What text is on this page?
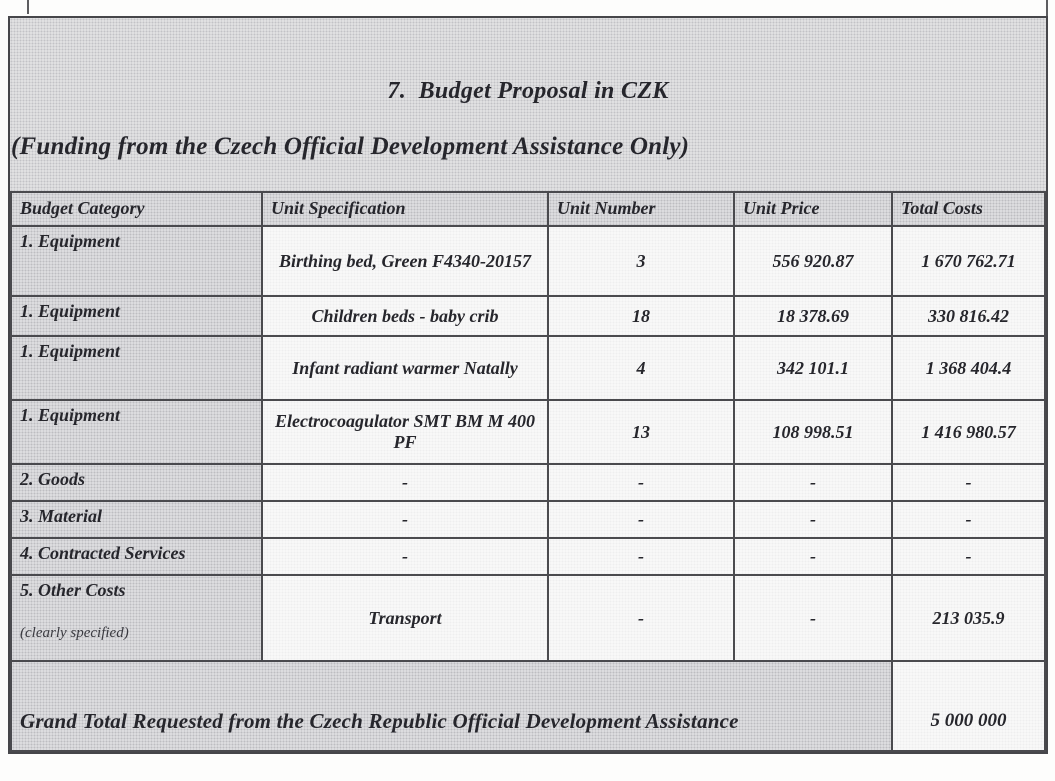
7.  Budget Proposal in CZK
(Funding from the Czech Official Development Assistance Only)
Budget Category	Unit Specification	Unit Number	Unit Price	Total Costs
1. Equipment	Birthing bed, Green F4340-20157	3	556 920.87	1 670 762.71
1. Equipment	Children beds - baby crib	18	18 378.69	330 816.42
1. Equipment	Infant radiant warmer Natally	4	342 101.1	1 368 404.4
1. Equipment	Electrocoagulator SMT BM M 400 PF	13	108 998.51	1 416 980.57
2. Goods	-	-	-	-
3. Material	-	-	-	-
4. Contracted Services	-	-	-	-

5. Other Costs
(clearly specified)	Transport	-	-	213 035.9
Grand Total Requested from the Czech Republic Official Development Assistance				5 000 000
